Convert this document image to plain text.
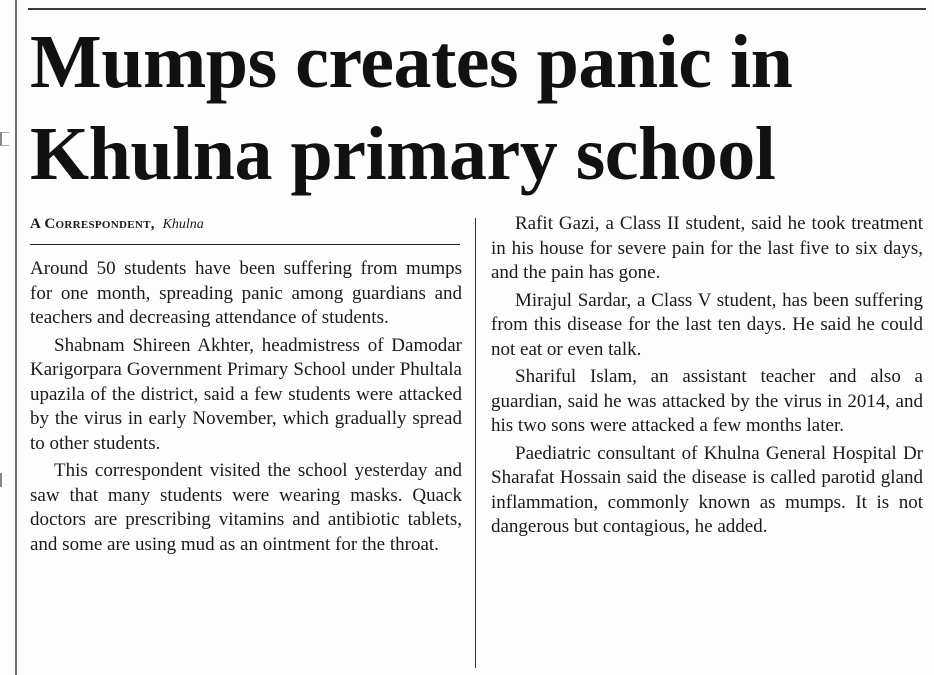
Mumps creates panic in
Khulna primary school
A Correspondent, Khulna

Around 50 students have been suffering from mumps for one month, spreading panic among guardians and teachers and decreasing attendance of students.

Shabnam Shireen Akhter, headmistress of Damodar Karigorpara Government Primary School under Phultala upazila of the district, said a few students were attacked by the virus in early November, which gradually spread to other students.

This correspondent visited the school yesterday and saw that many students were wearing masks. Quack doctors are prescribing vitamins and antibiotic tablets, and some are using mud as an ointment for the throat.

Rafit Gazi, a Class II student, said he took treatment in his house for severe pain for the last five to six days, and the pain has gone.

Mirajul Sardar, a Class V student, has been suffering from this disease for the last ten days. He said he could not eat or even talk.

Shariful Islam, an assistant teacher and also a guardian, said he was attacked by the virus in 2014, and his two sons were attacked a few months later.

Paediatric consultant of Khulna General Hospital Dr Sharafat Hossain said the disease is called parotid gland inflammation, commonly known as mumps. It is not dangerous but contagious, he added.
